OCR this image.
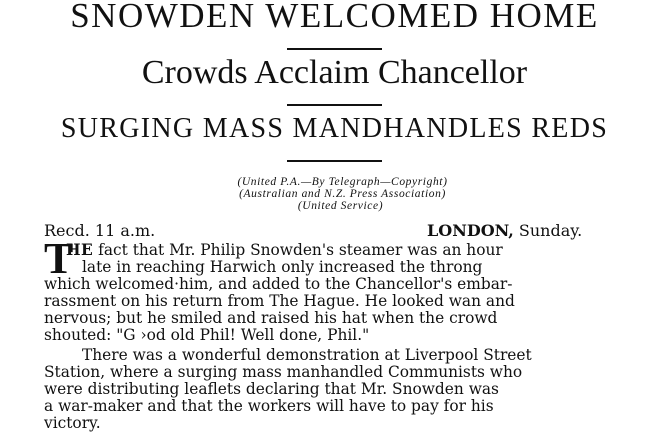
SNOWDEN WELCOMED HOME
Crowds Acclaim Chancellor
SURGING MASS MANDHANDLES REDS
(United P.A.—By Telegraph—Copyright)
(Australian and N.Z. Press Association)
(United Service)
Recd. 11 a.m.	LONDON, Sunday.
T
HE fact that Mr. Philip Snowden's steamer was an hour
late in reaching Harwich only increased the throng
which welcomed·him, and added to the Chancellor's embar-
rassment on his return from The Hague. He looked wan and
nervous; but he smiled and raised his hat when the crowd
shouted: "G ›od old Phil! Well done, Phil."
There was a wonderful demonstration at Liverpool Street
Station, where a surging mass manhandled Communists who
were distributing leaflets declaring that Mr. Snowden was
a war-maker and that the workers will have to pay for his
victory.
